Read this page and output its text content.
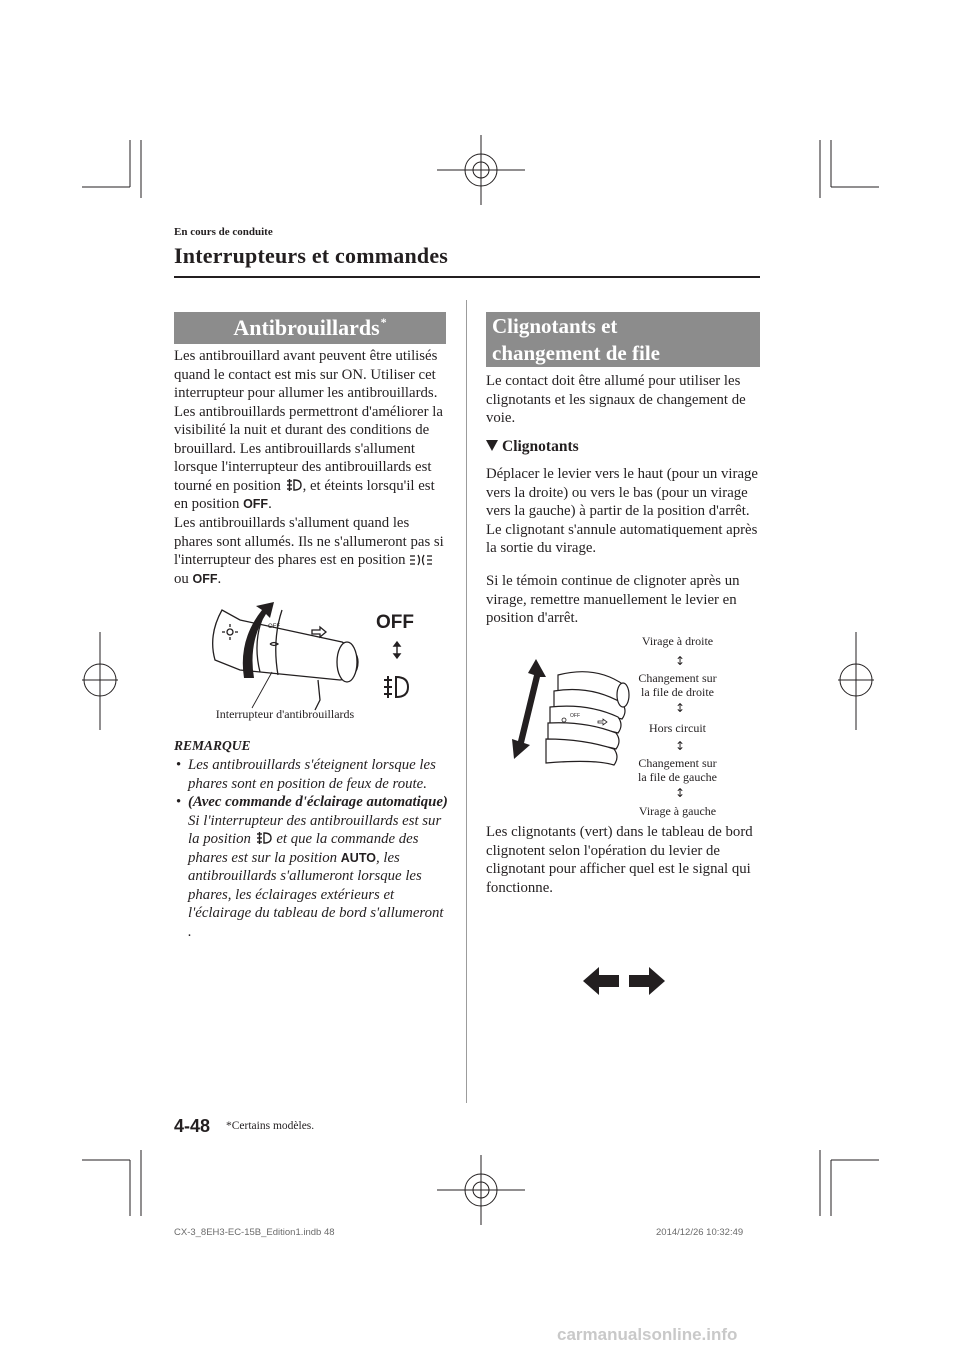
En cours de conduite
Interrupteurs et commandes
Antibrouillards*
Les antibrouillard avant peuvent être utilisés quand le contact est mis sur ON. Utiliser cet interrupteur pour allumer les antibrouillards. Les antibrouillards permettront d'améliorer la visibilité la nuit et durant des conditions de brouillard. Les antibrouillards s'allument lorsque l'interrupteur des antibrouillards est tourné en position , et éteints lorsqu'il est en position OFF.
Les antibrouillards s'allument quand les phares sont allumés. Ils ne s'allumeront pas si l'interrupteur des phares est en position  ou OFF.
OFF	OFF
Interrupteur d'antibrouillards
REMARQUE
• Les antibrouillards s'éteignent lorsque les phares sont en position de feux de route.
• (Avec commande d'éclairage automatique)
Si l'interrupteur des antibrouillards est sur la position et que la commande des phares est sur la position AUTO, les antibrouillards s'allumeront lorsque les phares, les éclairages extérieurs et l'éclairage du tableau de bord s'allumeront .
Clignotants et
changement de file
Le contact doit être allumé pour utiliser les clignotants et les signaux de changement de voie.
Clignotants
Déplacer le levier vers le haut (pour un virage vers la droite) ou vers le bas (pour un virage vers la gauche) à partir de la position d'arrêt. Le clignotant s'annule automatiquement après la sortie du virage.
Si le témoin continue de clignoter après un virage, remettre manuellement le levier en position d'arrêt.
OFF
Virage à droite
↕
Changement sur
la file de droite
↕
Hors circuit
↕
Changement sur
la file de gauche
↕
Virage à gauche
Les clignotants (vert) dans le tableau de bord clignotent selon l'opération du levier de clignotant pour afficher quel est le signal qui fonctionne.
4-48 *Certains modèles.
CX-3_8EH3-EC-15B_Edition1.indb 48	2014/12/26 10:32:49
carmanualsonline.info
